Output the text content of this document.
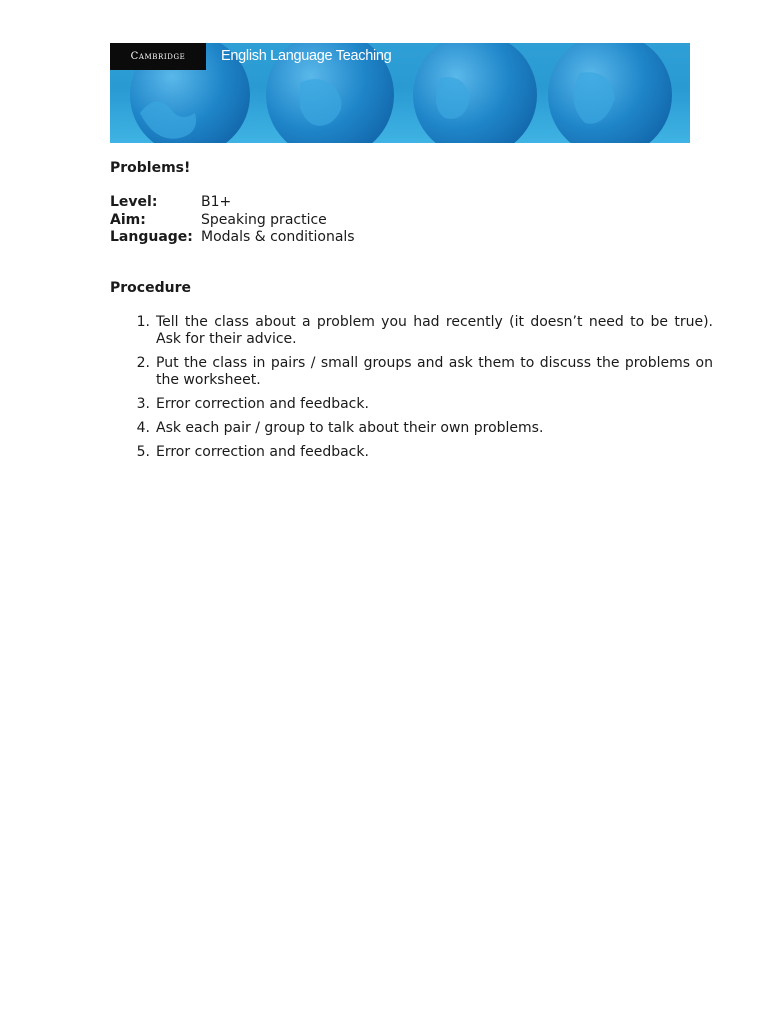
Cambridge English Language Teaching
Problems!
Level:	B1+
Aim:	Speaking practice
Language: Modals & conditionals
Procedure
1. Tell the class about a problem you had recently (it doesn’t need to be true). Ask for their advice.
2. Put the class in pairs / small groups and ask them to discuss the problems on the worksheet.
3. Error correction and feedback.
4. Ask each pair / group to talk about their own problems.
5. Error correction and feedback.
